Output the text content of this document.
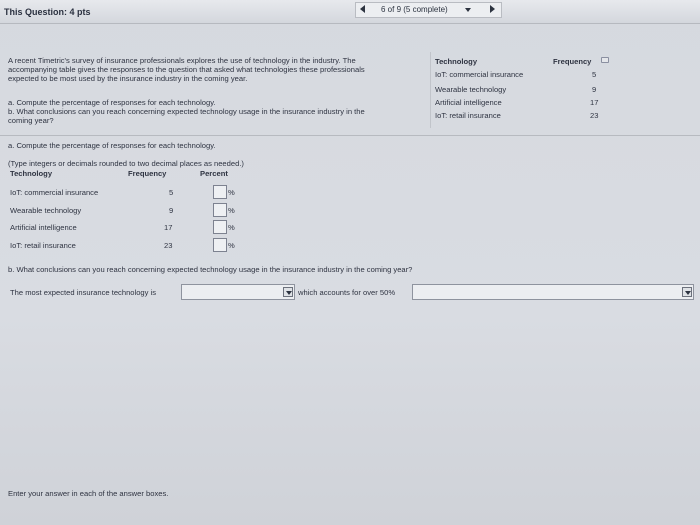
This Question: 4 pts	6 of 9 (5 complete)
A recent Timetric's survey of insurance professionals explores the use of technology in the industry. The
accompanying table gives the responses to the question that asked what technologies these professionals
expected to be most used by the insurance industry in the coming year.
a. Compute the percentage of responses for each technology.
b. What conclusions can you reach concerning expected technology usage in the insurance industry in the
coming year?
Technology	Frequency
IoT: commercial insurance	5
Wearable technology	9
Artificial intelligence	17
IoT: retail insurance	23
a. Compute the percentage of responses for each technology.
(Type integers or decimals rounded to two decimal places as needed.)
Technology	Frequency	Percent
IoT: commercial insurance	5	%
Wearable technology	9	%
Artificial intelligence	17	%
IoT: retail insurance	23	%
b. What conclusions can you reach concerning expected technology usage in the insurance industry in the coming year?
The most expected insurance technology is	which accounts for over 50%
Enter your answer in each of the answer boxes.
